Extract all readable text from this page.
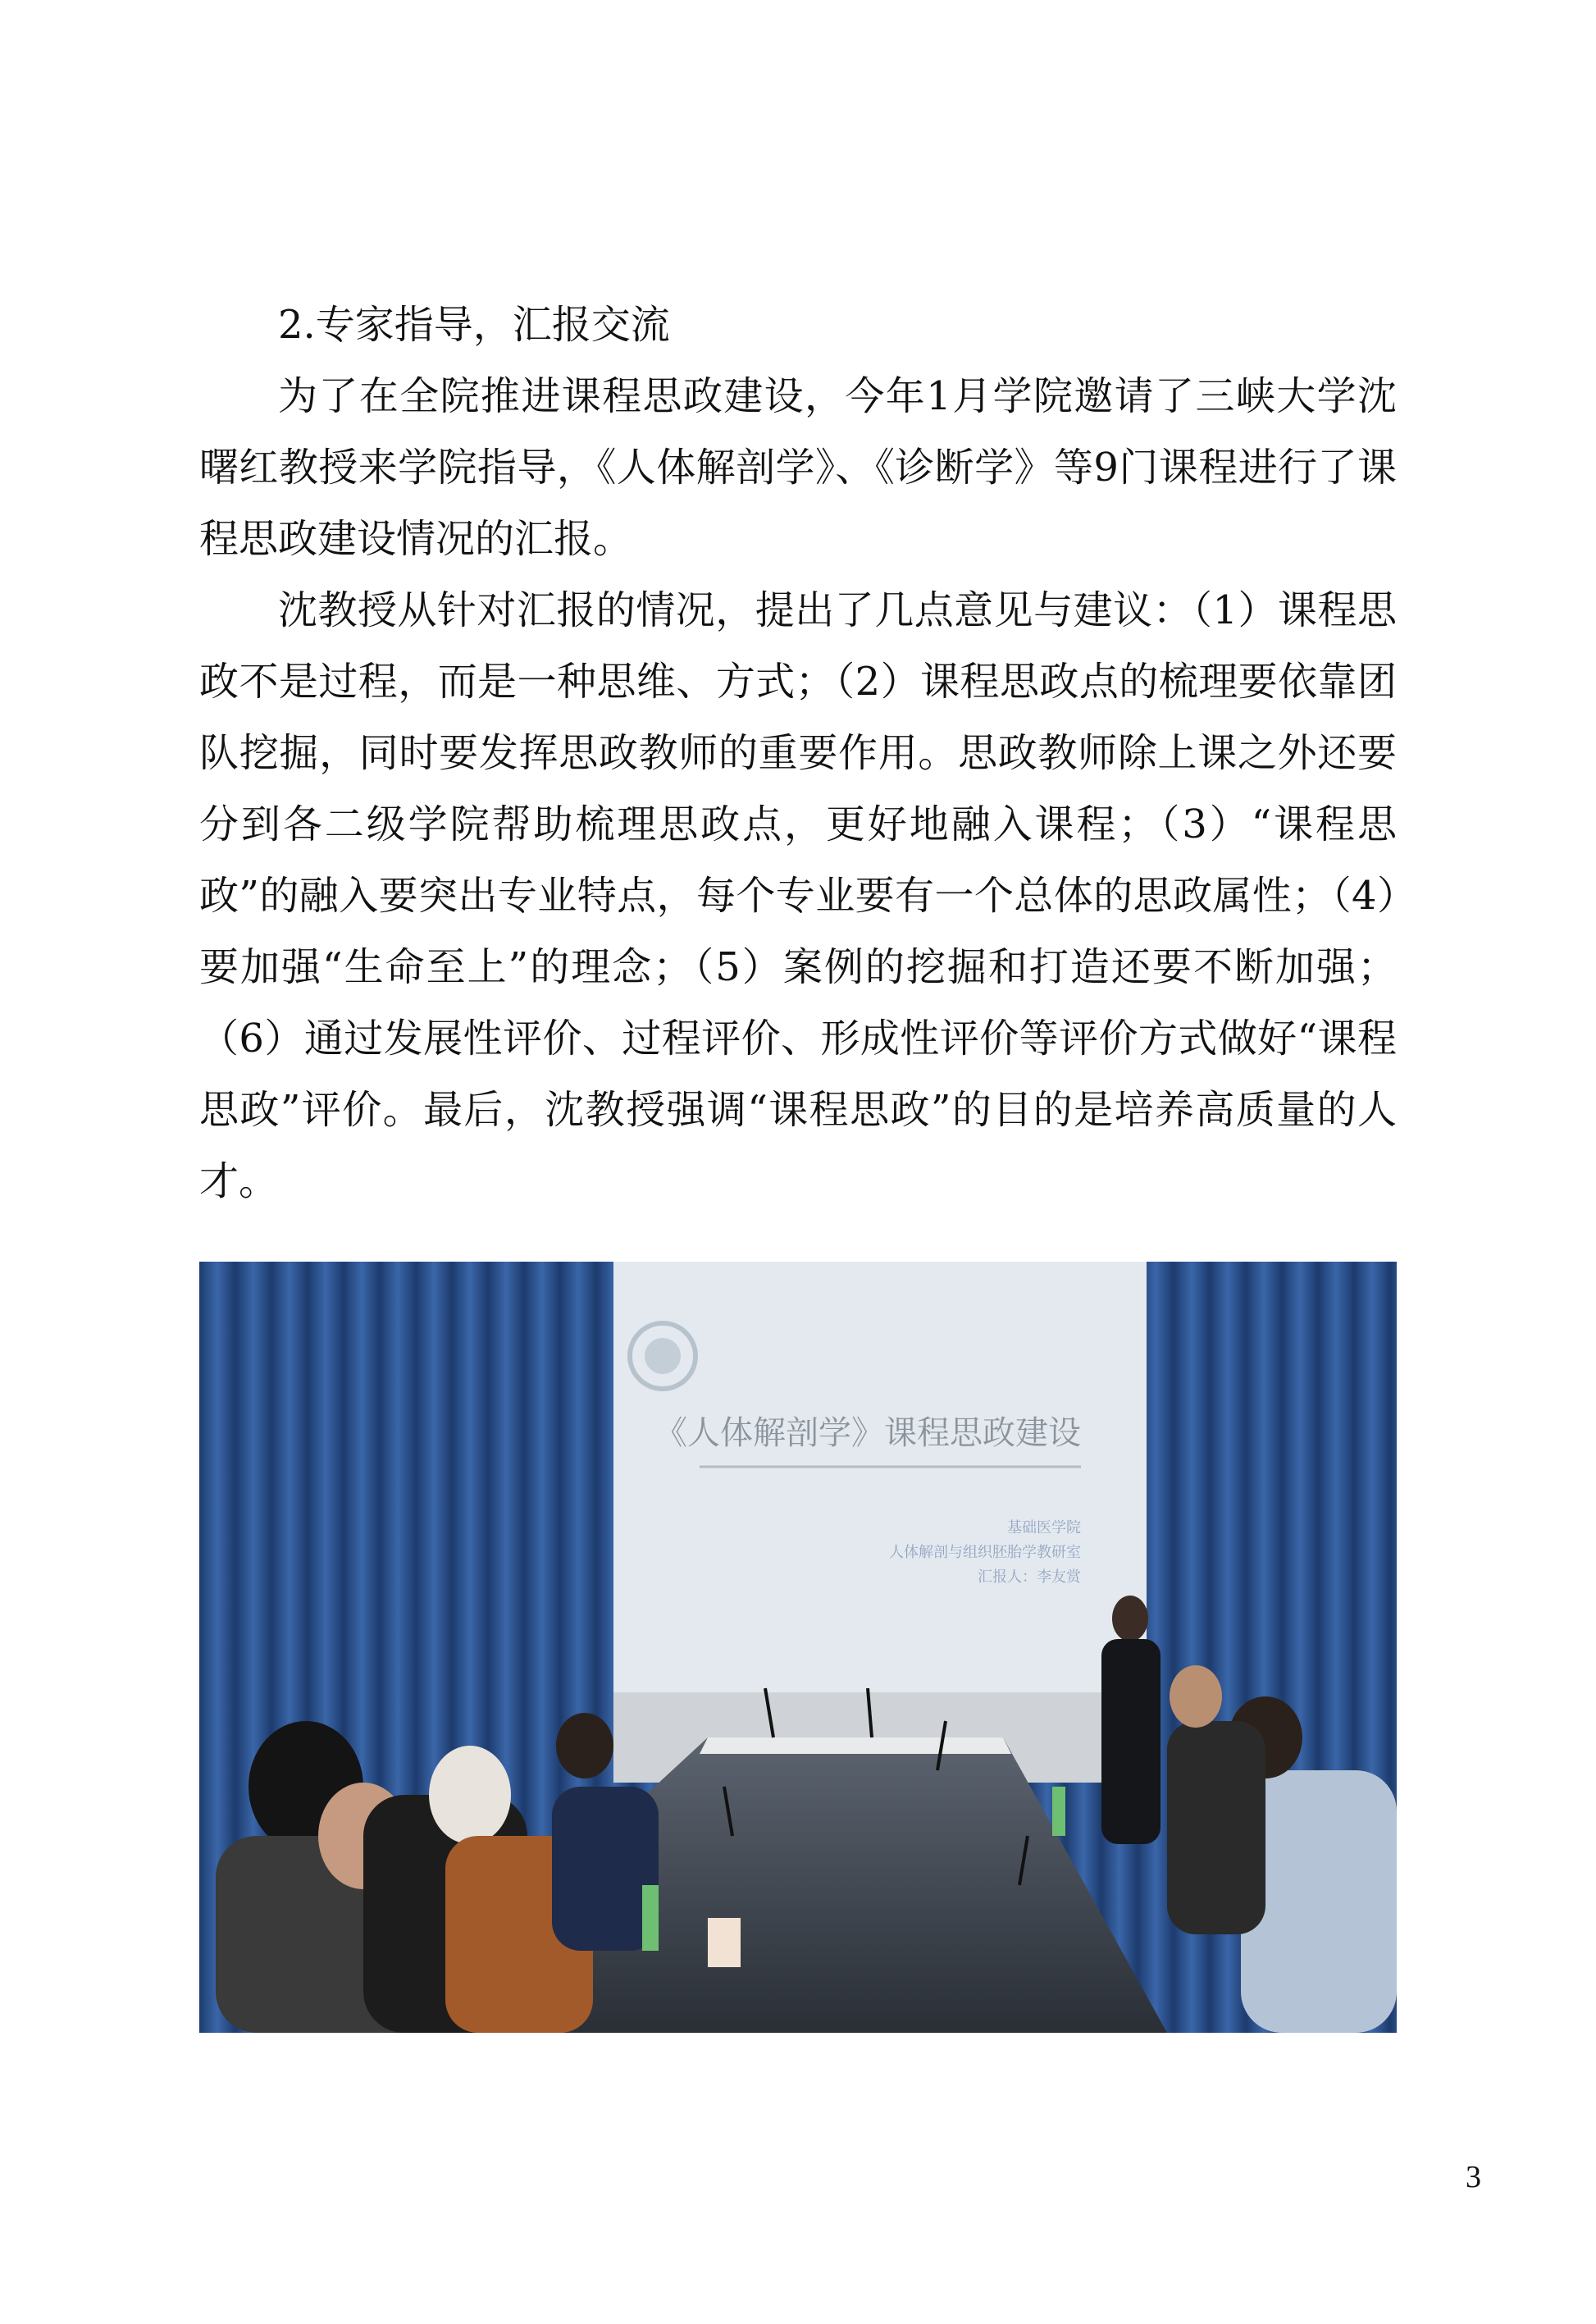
2.专家指导，汇报交流

为了在全院推进课程思政建设，今年1月学院邀请了三峡大学沈曙红教授来学院指导，《人体解剖学》、《诊断学》等9门课程进行了课程思政建设情况的汇报。

沈教授从针对汇报的情况，提出了几点意见与建议：（1）课程思政不是过程，而是一种思维、方式；（2）课程思政点的梳理要依靠团队挖掘，同时要发挥思政教师的重要作用。思政教师除上课之外还要分到各二级学院帮助梳理思政点，更好地融入课程；（3）“课程思政”的融入要突出专业特点，每个专业要有一个总体的思政属性；（4）要加强“生命至上”的理念；（5）案例的挖掘和打造还要不断加强；（6）通过发展性评价、过程评价、形成性评价等评价方式做好“课程思政”评价。最后，沈教授强调“课程思政”的目的是培养高质量的人才。

《人体解剖学》课程思政建设
基础医学院
人体解剖与组织胚胎学教研室
汇报人：李友赏
3
